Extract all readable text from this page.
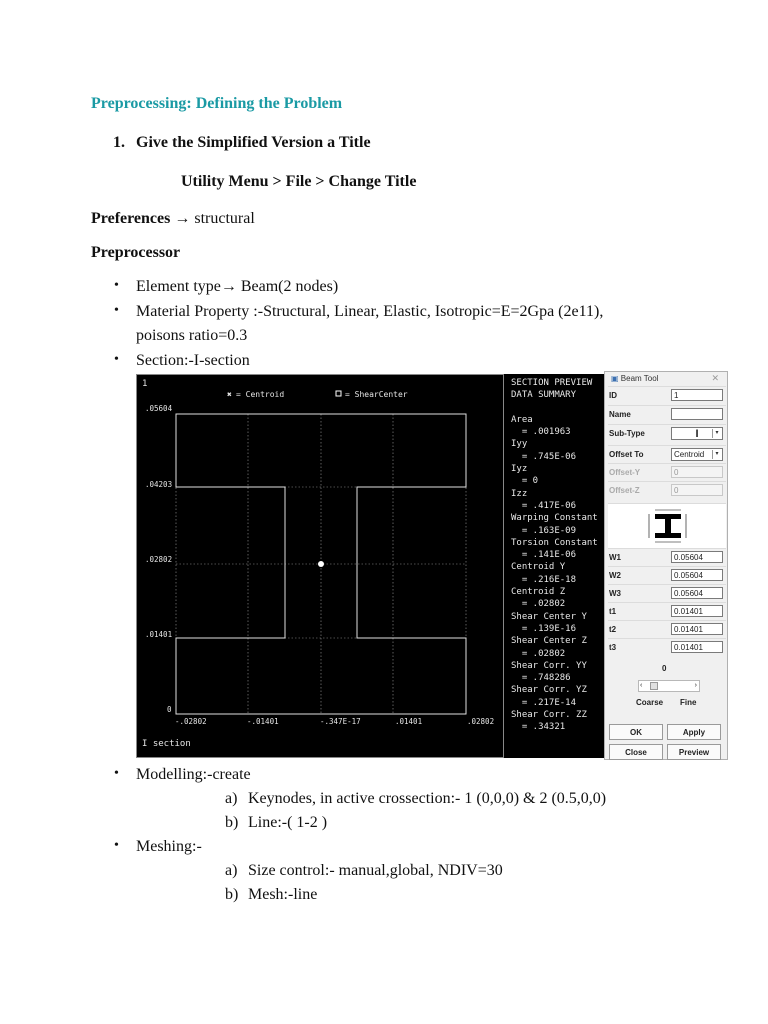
Preprocessing: Defining the Problem
1. Give the Simplified Version a Title
Utility Menu > File > Change Title
Preferences → structural
Preprocessor
• Element type→ Beam(2 nodes)
• Material Property :-Structural, Linear, Elastic, Isotropic=E=2Gpa (2e11),
poisons ratio=0.3
• Section:-I-section
1
✖ = Centroid	= ShearCenter
.05604
.04203
.02802
.01401
0
-.02802	-.01401	-.347E-17	.01401	.02802
I section
SECTION PREVIEW
DATA SUMMARY
Area
= .001963
Iyy
= .745E-06
Iyz
= 0
Izz
= .417E-06
Warping Constant
= .163E-09
Torsion Constant
= .141E-06
Centroid Y
= .216E-18
Centroid Z
= .02802
Shear Center Y
= .139E-16
Shear Center Z
= .02802
Shear Corr. YY
= .748286
Shear Corr. YZ
= .217E-14
Shear Corr. ZZ
= .34321
▣ Beam Tool	✕
ID	1
Name
Sub-Type	I	▾
Offset To	Centroid	▾
Offset-Y	0
Offset-Z	0
W1	0.05604
W2	0.05604
W3	0.05604
t1	0.01401
t2	0.01401
t3	0.01401
0
‹	›
Coarse Fine
OK	Apply
Close	Preview
• Modelling:-create
a) Keynodes, in active crossection:- 1 (0,0,0) & 2 (0.5,0,0)
b) Line:-( 1-2 )
• Meshing:-
a) Size control:- manual,global, NDIV=30
b) Mesh:-line
